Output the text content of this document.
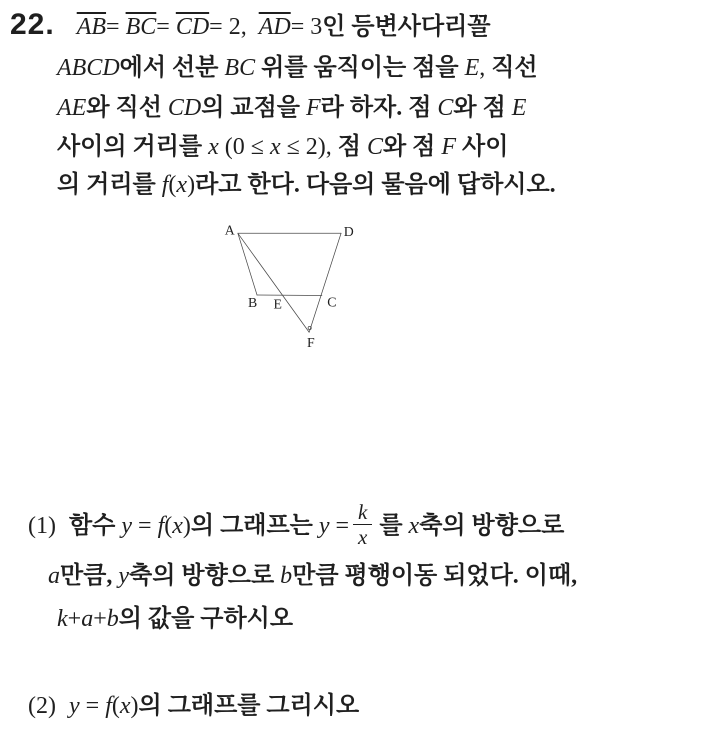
22. $\overline{AB}= \overline{BC}= \overline{CD}= 2$,  $\overline{AD}= 3$인 등변사다리꼴
ABCD에서 선분 BC 위를 움직이는 점을 E, 직선
AE와 직선 CD의 교점을 F라 하자. 점 C와 점 E
사이의 거리를 x (0 ≤ x ≤ 2), 점 C와 점 F 사이
의 거리를 f(x)라고 한다. 다음의 물음에 답하시오.
A	D
B E C
F
(1) 함수 y = f(x)의 그래프는 $y = \frac{k}{x}$ 를 x축의 방향으로
a만큼, y축의 방향으로 b만큼 평행이동 되었다. 이때,
k+a+b의 값을 구하시오
(2) y = f(x)의 그래프를 그리시오
